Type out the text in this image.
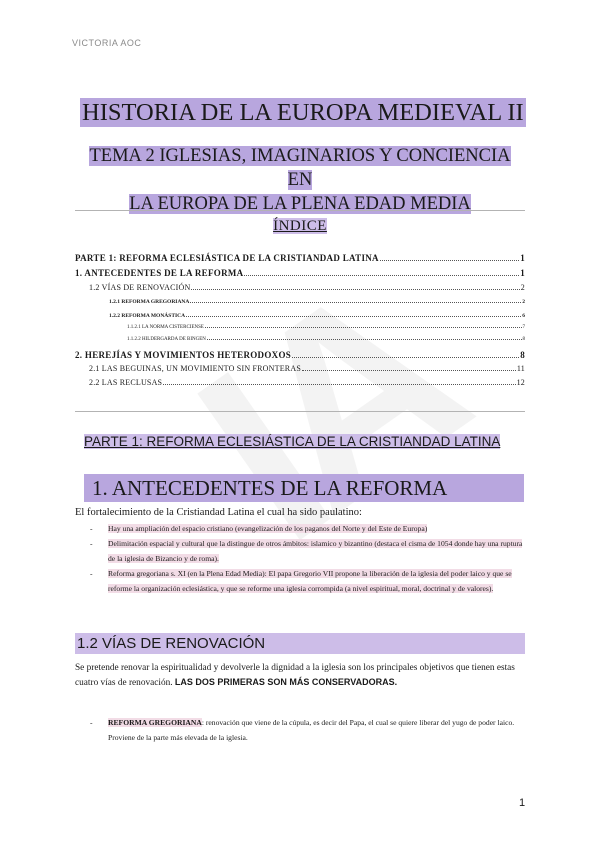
VICTORIA AOC
HISTORIA DE LA EUROPA MEDIEVAL II
TEMA 2 IGLESIAS, IMAGINARIOS Y CONCIENCIA EN
LA EUROPA DE LA PLENA EDAD MEDIA
ÍNDICE
PARTE 1: REFORMA ECLESIÁSTICA DE LA CRISTIANDAD LATINA	1
1. ANTECEDENTES DE LA REFORMA	1
1.2 VÍAS DE RENOVACIÓN	2
1.2.1 REFORMA GREGORIANA	2
1.2.2 REFORMA MONÁSTICA	6
1.1.2.1 LA NORMA CISTERCIENSE	7
1.1.2.2 HILDERGARDA DE BINGEN	8
2. HEREJÍAS Y MOVIMIENTOS HETERODOXOS	8
2.1 LAS BEGUINAS, UN MOVIMIENTO SIN FRONTERAS	11
2.2 LAS RECLUSAS	12
PARTE 1: REFORMA ECLESIÁSTICA DE LA CRISTIANDAD LATINA
1. ANTECEDENTES DE LA REFORMA
El fortalecimiento de la Cristiandad Latina el cual ha sido paulatino:

- Hay una ampliación del espacio cristiano (evangelización de los paganos del Norte y del Este de Europa)

- Delimitación espacial y cultural que la distingue de otros ámbitos: islamico y bizantino (destaca el cisma de 1054 donde hay una ruptura de la iglesia de Bizancio y de roma).

- Reforma gregoriana s. XI (en la Plena Edad Media): El papa Gregorio VII propone la liberación de la iglesia del poder laico y que se reforme la organización eclesiástica, y que se reforme una iglesia corrompida (a nivel espiritual, moral, doctrinal y de valores).

1.2 VÍAS DE RENOVACIÓN
Se pretende renovar la espiritualidad y devolverle la dignidad a la iglesia son los principales objetivos que tienen estas cuatro vías de renovación. LAS DOS PRIMERAS SON MÁS CONSERVADORAS.

- REFORMA GREGORIANA: renovación que viene de la cúpula, es decir del Papa, el cual se quiere liberar del yugo de poder laico. Proviene de la parte más elevada de la iglesia.

1
